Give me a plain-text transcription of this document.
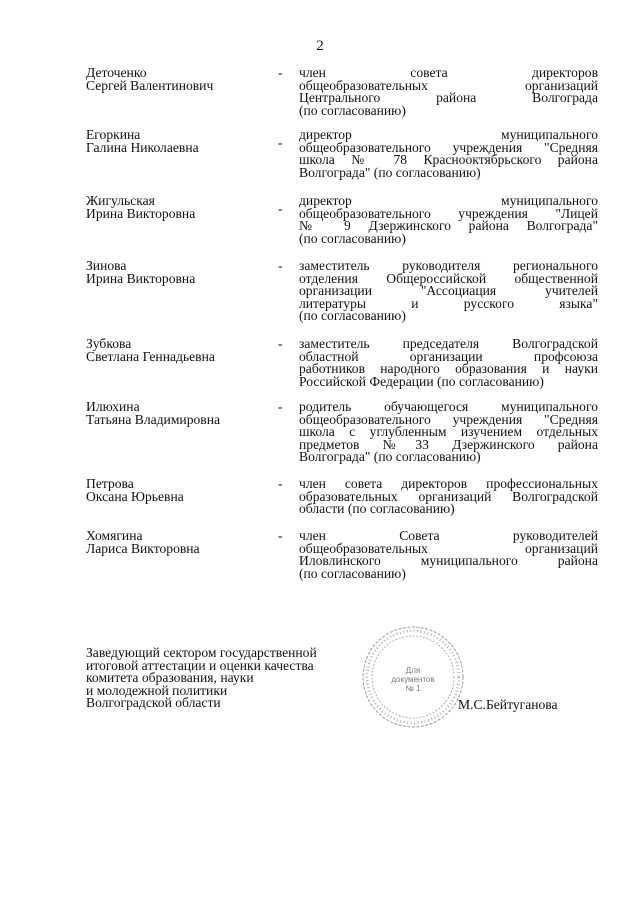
2
Деточенко
Сергей Валентинович
- член совета директоров
общеобразовательных организаций
Центрального района Волгограда
(по согласованию)
Егоркина
Галина Николаевна	-
директор муниципального
общеобразовательного учреждения "Средняя
школа № 78 Краснооктябрьского района
Волгограда" (по согласованию)
Жигульская
Ирина Викторовна	-
директор муниципального
общеобразовательного учреждения "Лицей
№ 9 Дзержинского района Волгограда"
(по согласованию)
Зинова
Ирина Викторовна
- заместитель руководителя регионального
отделения Общероссийской общественной
организации "Ассоциация учителей
литературы и русского языка"
(по согласованию)
Зубкова
Светлана Геннадьевна
- заместитель председателя Волгоградской
областной организации профсоюза
работников народного образования и науки
Российской Федерации (по согласованию)
Илюхина
Татьяна Владимировна
- родитель обучающегося муниципального
общеобразовательного учреждения "Средняя
школа с углубленным изучением отдельных
предметов №33 Дзержинского района
Волгограда" (по согласованию)
Петрова
Оксана Юрьевна
- член совета директоров профессиональных
образовательных организаций Волгоградской
области (по согласованию)
Хомягина
Лариса Викторовна
- член Совета руководителей
общеобразовательных организаций
Иловлинского муниципального района
(по согласованию)
Заведующий сектором государственной
итоговой аттестации и оценки качества
комитета образования, науки
и молодежной политики
Волгоградской области
Для
документов
№ 1
М.С.Бейтуганова
